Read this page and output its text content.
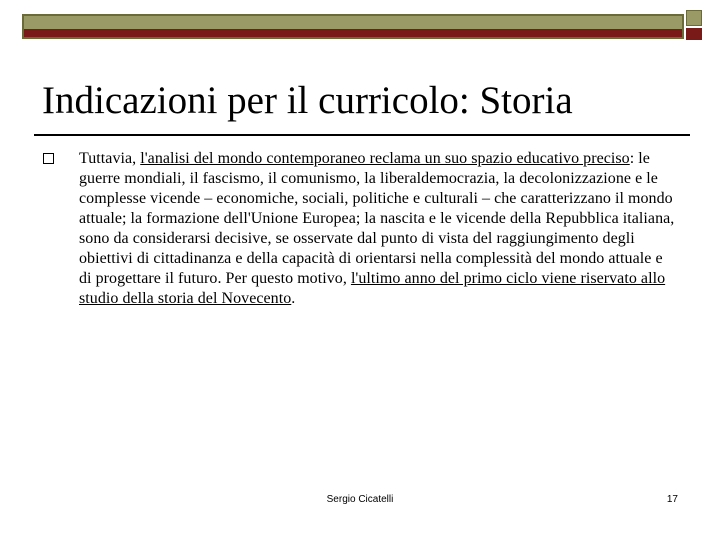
Indicazioni per il curricolo: Storia
Tuttavia, l'analisi del mondo contemporaneo reclama un suo spazio educativo preciso: le guerre mondiali, il fascismo, il comunismo, la liberaldemocrazia, la decolonizzazione e le complesse vicende – economiche, sociali, politiche e culturali – che caratterizzano il mondo attuale; la formazione dell'Unione Europea; la nascita e le vicende della Repubblica italiana, sono da considerarsi decisive, se osservate dal punto di vista del raggiungimento degli obiettivi di cittadinanza e della capacità di orientarsi nella complessità del mondo attuale e di progettare il futuro. Per questo motivo, l'ultimo anno del primo ciclo viene riservato allo studio della storia del Novecento.
Sergio Cicatelli	17
